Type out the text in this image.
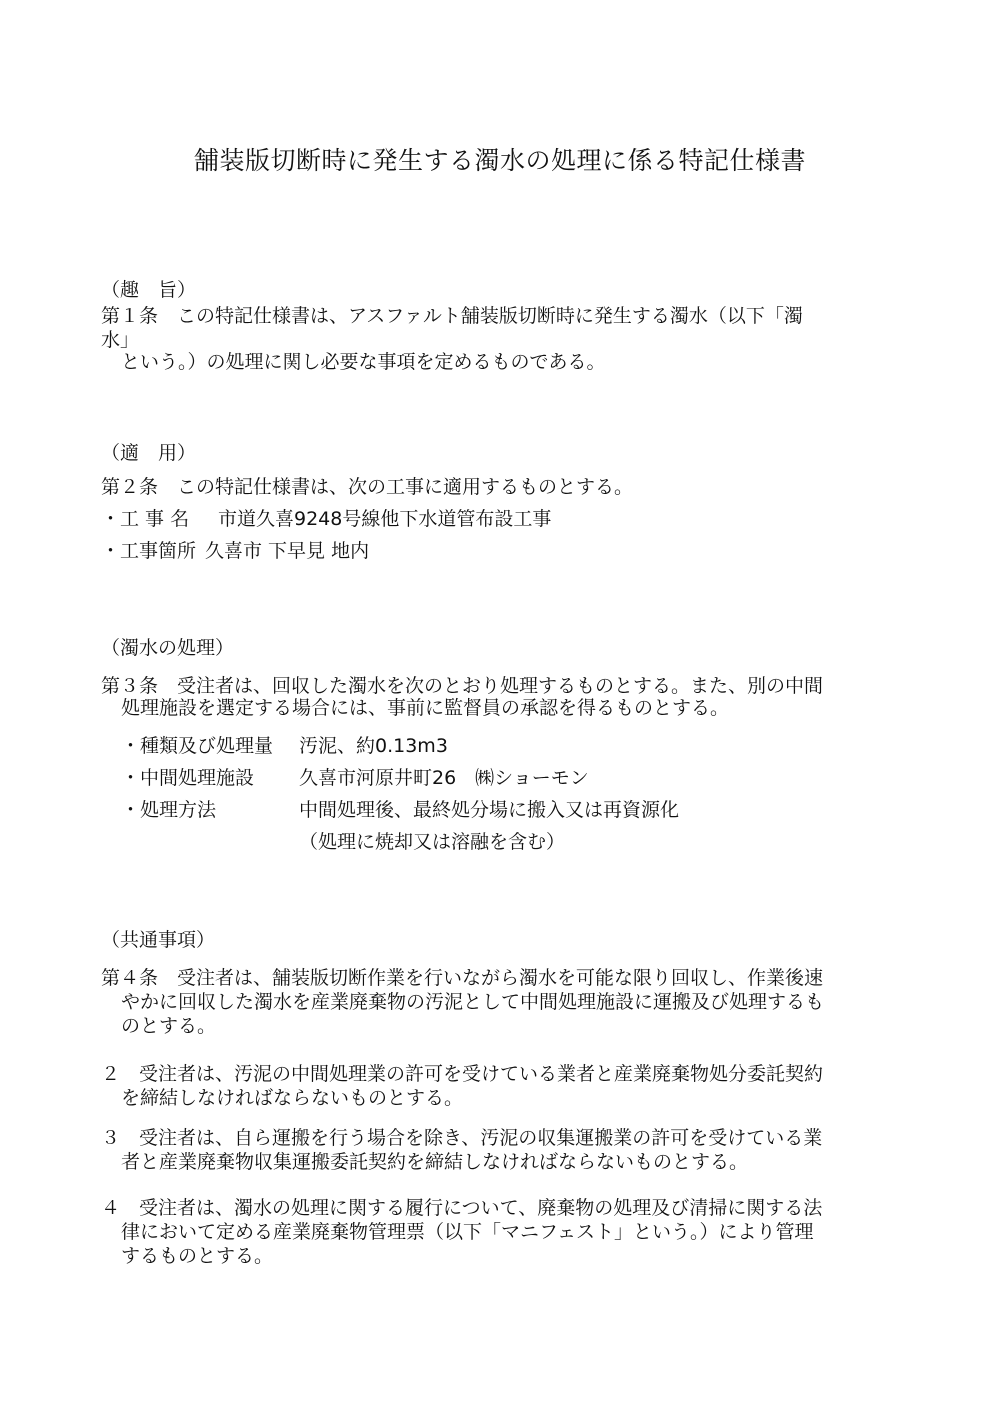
舗装版切断時に発生する濁水の処理に係る特記仕様書
（趣　旨）
第１条　この特記仕様書は、アスファルト舗装版切断時に発生する濁水（以下「濁
水」
という。）の処理に関し必要な事項を定めるものである。
（適　用）
第２条　この特記仕様書は、次の工事に適用するものとする。
・工 事 名 市道久喜9248号線他下水道管布設工事
・工事箇所 久喜市 下早見 地内
（濁水の処理）
第３条　受注者は、回収した濁水を次のとおり処理するものとする。また、別の中間
処理施設を選定する場合には、事前に監督員の承認を得るものとする。
・種類及び処理量 汚泥、約0.13m3
・中間処理施設 久喜市河原井町26　㈱ショーモン
・処理方法	中間処理後、最終処分場に搬入又は再資源化
（処理に焼却又は溶融を含む）
（共通事項）
第４条　受注者は、舗装版切断作業を行いながら濁水を可能な限り回収し、作業後速
やかに回収した濁水を産業廃棄物の汚泥として中間処理施設に運搬及び処理するも
のとする。
２　受注者は、汚泥の中間処理業の許可を受けている業者と産業廃棄物処分委託契約
を締結しなければならないものとする。
３　受注者は、自ら運搬を行う場合を除き、汚泥の収集運搬業の許可を受けている業
者と産業廃棄物収集運搬委託契約を締結しなければならないものとする。
４　受注者は、濁水の処理に関する履行について、廃棄物の処理及び清掃に関する法
律において定める産業廃棄物管理票（以下「マニフェスト」という。）により管理
するものとする。
